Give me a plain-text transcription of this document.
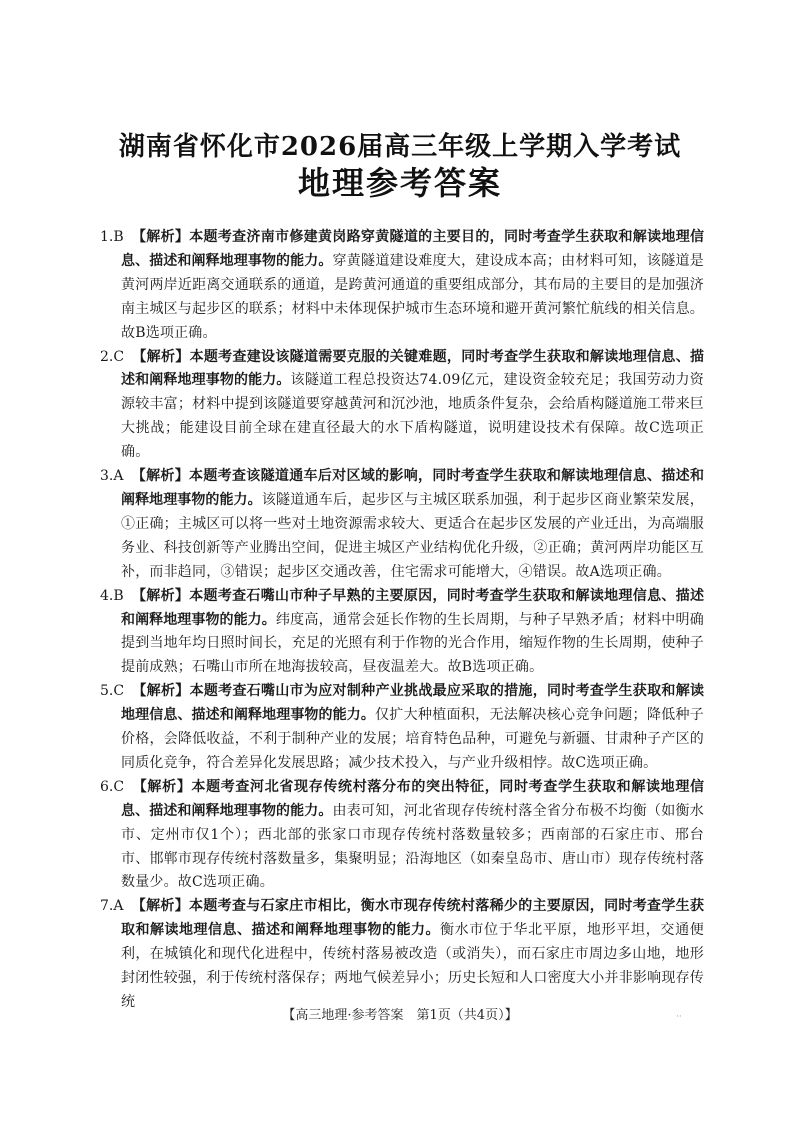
湖南省怀化市2026届高三年级上学期入学考试
地理参考答案
1.B 【解析】本题考查济南市修建黄岗路穿黄隧道的主要目的，同时考查学生获取和解读地理信息、描述和阐释地理事物的能力。穿黄隧道建设难度大，建设成本高；由材料可知，该隧道是黄河两岸近距离交通联系的通道，是跨黄河通道的重要组成部分，其布局的主要目的是加强济南主城区与起步区的联系；材料中未体现保护城市生态环境和避开黄河繁忙航线的相关信息。故B选项正确。
2.C 【解析】本题考查建设该隧道需要克服的关键难题，同时考查学生获取和解读地理信息、描述和阐释地理事物的能力。该隧道工程总投资达74.09亿元，建设资金较充足；我国劳动力资源较丰富；材料中提到该隧道要穿越黄河和沉沙池，地质条件复杂，会给盾构隧道施工带来巨大挑战；能建设目前全球在建直径最大的水下盾构隧道，说明建设技术有保障。故C选项正确。
3.A 【解析】本题考查该隧道通车后对区域的影响，同时考查学生获取和解读地理信息、描述和阐释地理事物的能力。该隧道通车后，起步区与主城区联系加强，利于起步区商业繁荣发展，①正确；主城区可以将一些对土地资源需求较大、更适合在起步区发展的产业迁出，为高端服务业、科技创新等产业腾出空间，促进主城区产业结构优化升级，②正确；黄河两岸功能区互补，而非趋同，③错误；起步区交通改善，住宅需求可能增大，④错误。故A选项正确。
4.B 【解析】本题考查石嘴山市种子早熟的主要原因，同时考查学生获取和解读地理信息、描述和阐释地理事物的能力。纬度高，通常会延长作物的生长周期，与种子早熟矛盾；材料中明确提到当地年均日照时间长，充足的光照有利于作物的光合作用，缩短作物的生长周期，使种子提前成熟；石嘴山市所在地海拔较高，昼夜温差大。故B选项正确。
5.C 【解析】本题考查石嘴山市为应对制种产业挑战最应采取的措施，同时考查学生获取和解读地理信息、描述和阐释地理事物的能力。仅扩大种植面积，无法解决核心竞争问题；降低种子价格，会降低收益，不利于制种产业的发展；培育特色品种，可避免与新疆、甘肃种子产区的同质化竞争，符合差异化发展思路；减少技术投入，与产业升级相悖。故C选项正确。
6.C 【解析】本题考查河北省现存传统村落分布的突出特征，同时考查学生获取和解读地理信息、描述和阐释地理事物的能力。由表可知，河北省现存传统村落全省分布极不均衡（如衡水市、定州市仅1个）；西北部的张家口市现存传统村落数量较多；西南部的石家庄市、邢台市、邯郸市现存传统村落数量多，集聚明显；沿海地区（如秦皇岛市、唐山市）现存传统村落数量少。故C选项正确。
7.A 【解析】本题考查与石家庄市相比，衡水市现存传统村落稀少的主要原因，同时考查学生获取和解读地理信息、描述和阐释地理事物的能力。衡水市位于华北平原，地形平坦，交通便利，在城镇化和现代化进程中，传统村落易被改造（或消失），而石家庄市周边多山地，地形封闭性较强，利于传统村落保存；两地气候差异小；历史长短和人口密度大小并非影响现存传统
【高三地理·参考答案　第1页（共4页）】	··
